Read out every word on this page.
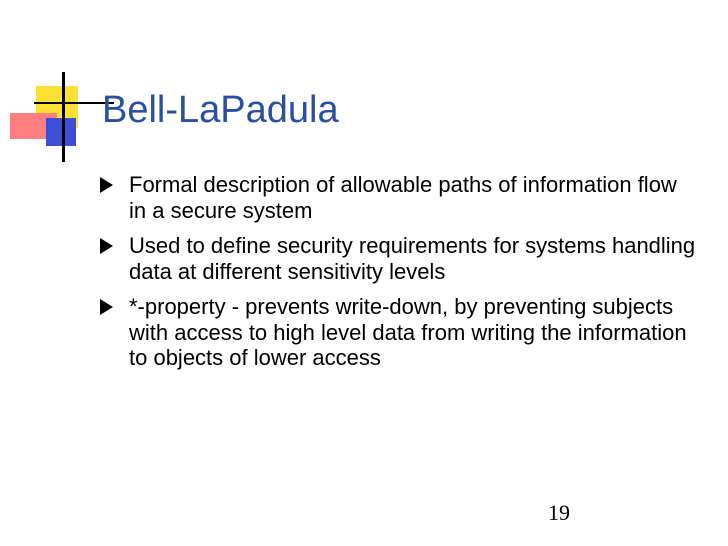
Bell-LaPadula
Formal description of allowable paths of information flow in a secure system
Used to define security requirements for systems handling data at different sensitivity levels
*-property - prevents write-down, by preventing subjects with access to high level data from writing the information to objects of lower access
19
